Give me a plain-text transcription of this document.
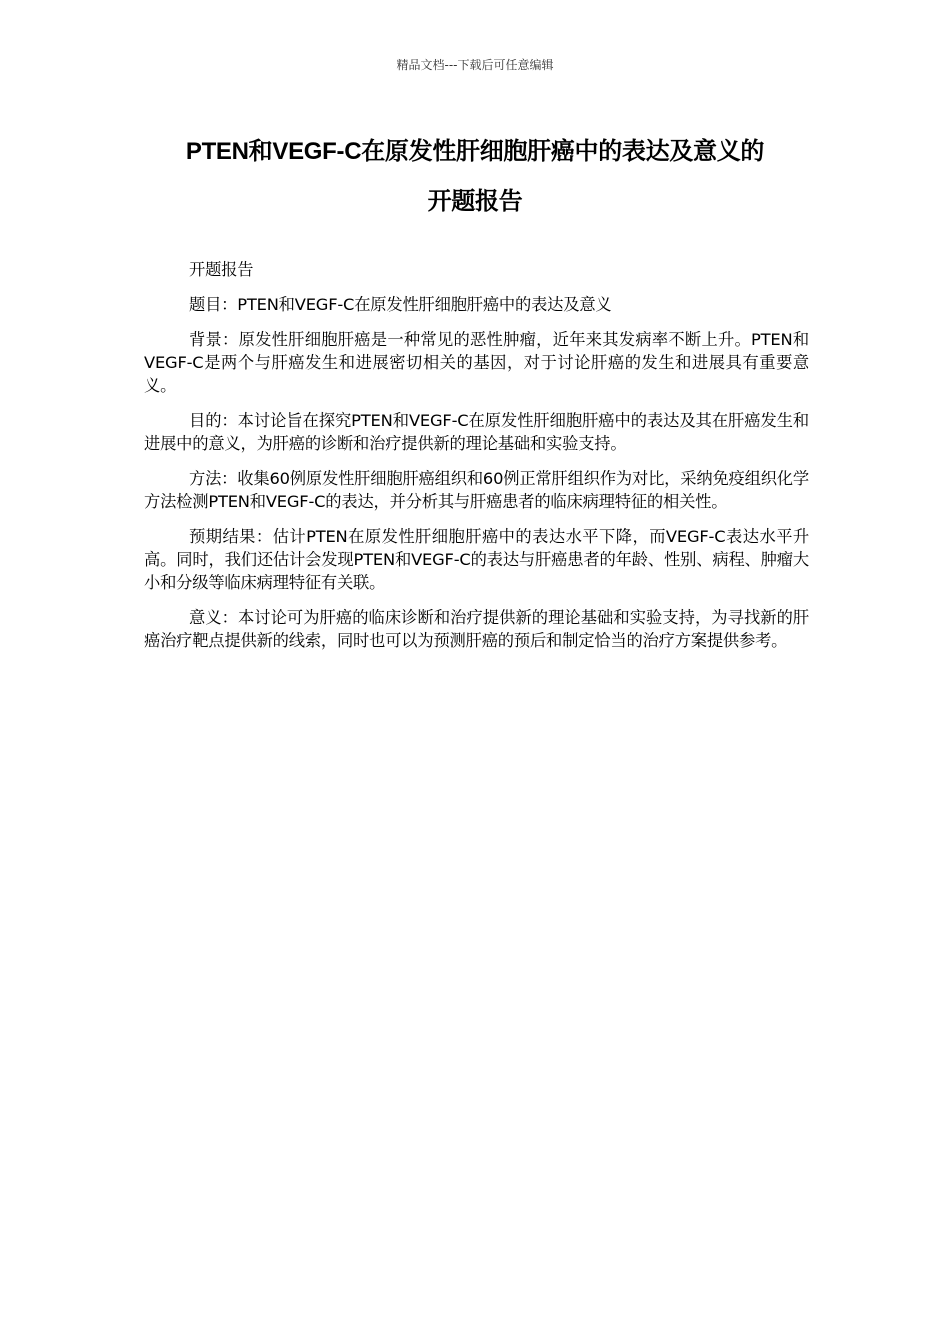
精品文档---下载后可任意编辑
PTEN和VEGF-C在原发性肝细胞肝癌中的表达及意义的
开题报告

开题报告

题目：PTEN和VEGF-C在原发性肝细胞肝癌中的表达及意义

背景：原发性肝细胞肝癌是一种常见的恶性肿瘤，近年来其发病率不断上升。PTEN和VEGF-C是两个与肝癌发生和进展密切相关的基因，对于讨论肝癌的发生和进展具有重要意义。

目的：本讨论旨在探究PTEN和VEGF-C在原发性肝细胞肝癌中的表达及其在肝癌发生和进展中的意义，为肝癌的诊断和治疗提供新的理论基础和实验支持。

方法：收集60例原发性肝细胞肝癌组织和60例正常肝组织作为对比，采纳免疫组织化学方法检测PTEN和VEGF-C的表达，并分析其与肝癌患者的临床病理特征的相关性。

预期结果：估计PTEN在原发性肝细胞肝癌中的表达水平下降，而VEGF-C表达水平升高。同时，我们还估计会发现PTEN和VEGF-C的表达与肝癌患者的年龄、性别、病程、肿瘤大小和分级等临床病理特征有关联。

意义：本讨论可为肝癌的临床诊断和治疗提供新的理论基础和实验支持，为寻找新的肝癌治疗靶点提供新的线索，同时也可以为预测肝癌的预后和制定恰当的治疗方案提供参考。
